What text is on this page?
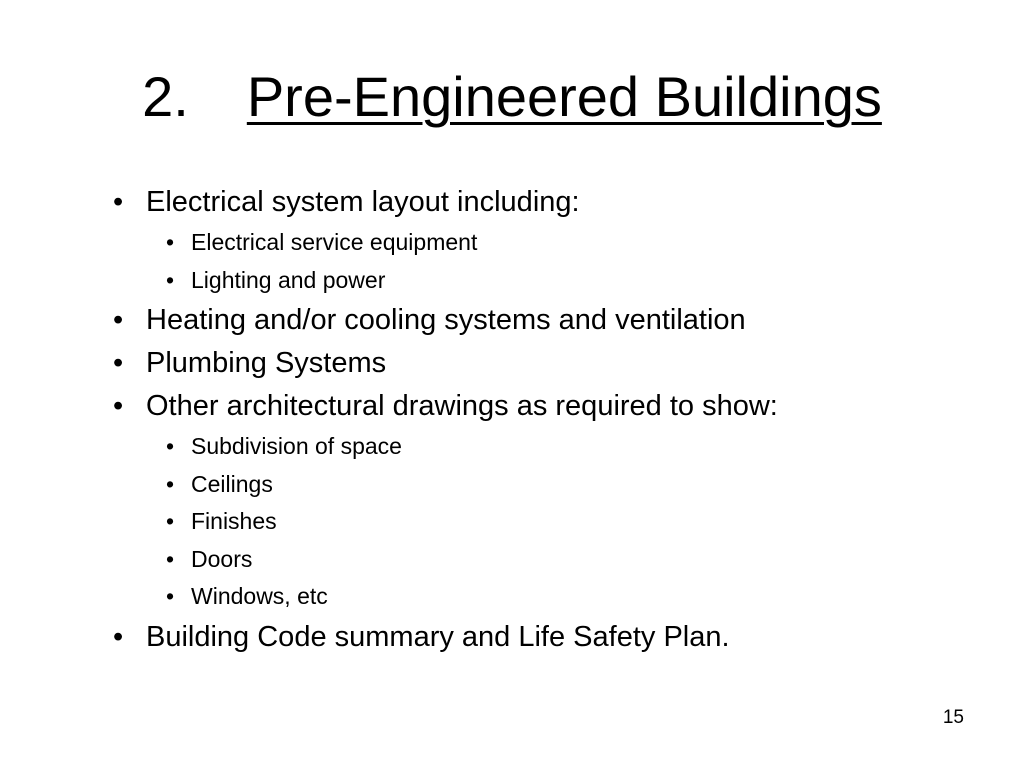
2. Pre-Engineered Buildings
• Electrical system layout including:
• Electrical service equipment
• Lighting and power
• Heating and/or cooling systems and ventilation
• Plumbing Systems
• Other architectural drawings as required to show:
• Subdivision of space
• Ceilings
• Finishes
• Doors
• Windows, etc
• Building Code summary and Life Safety Plan.
15
